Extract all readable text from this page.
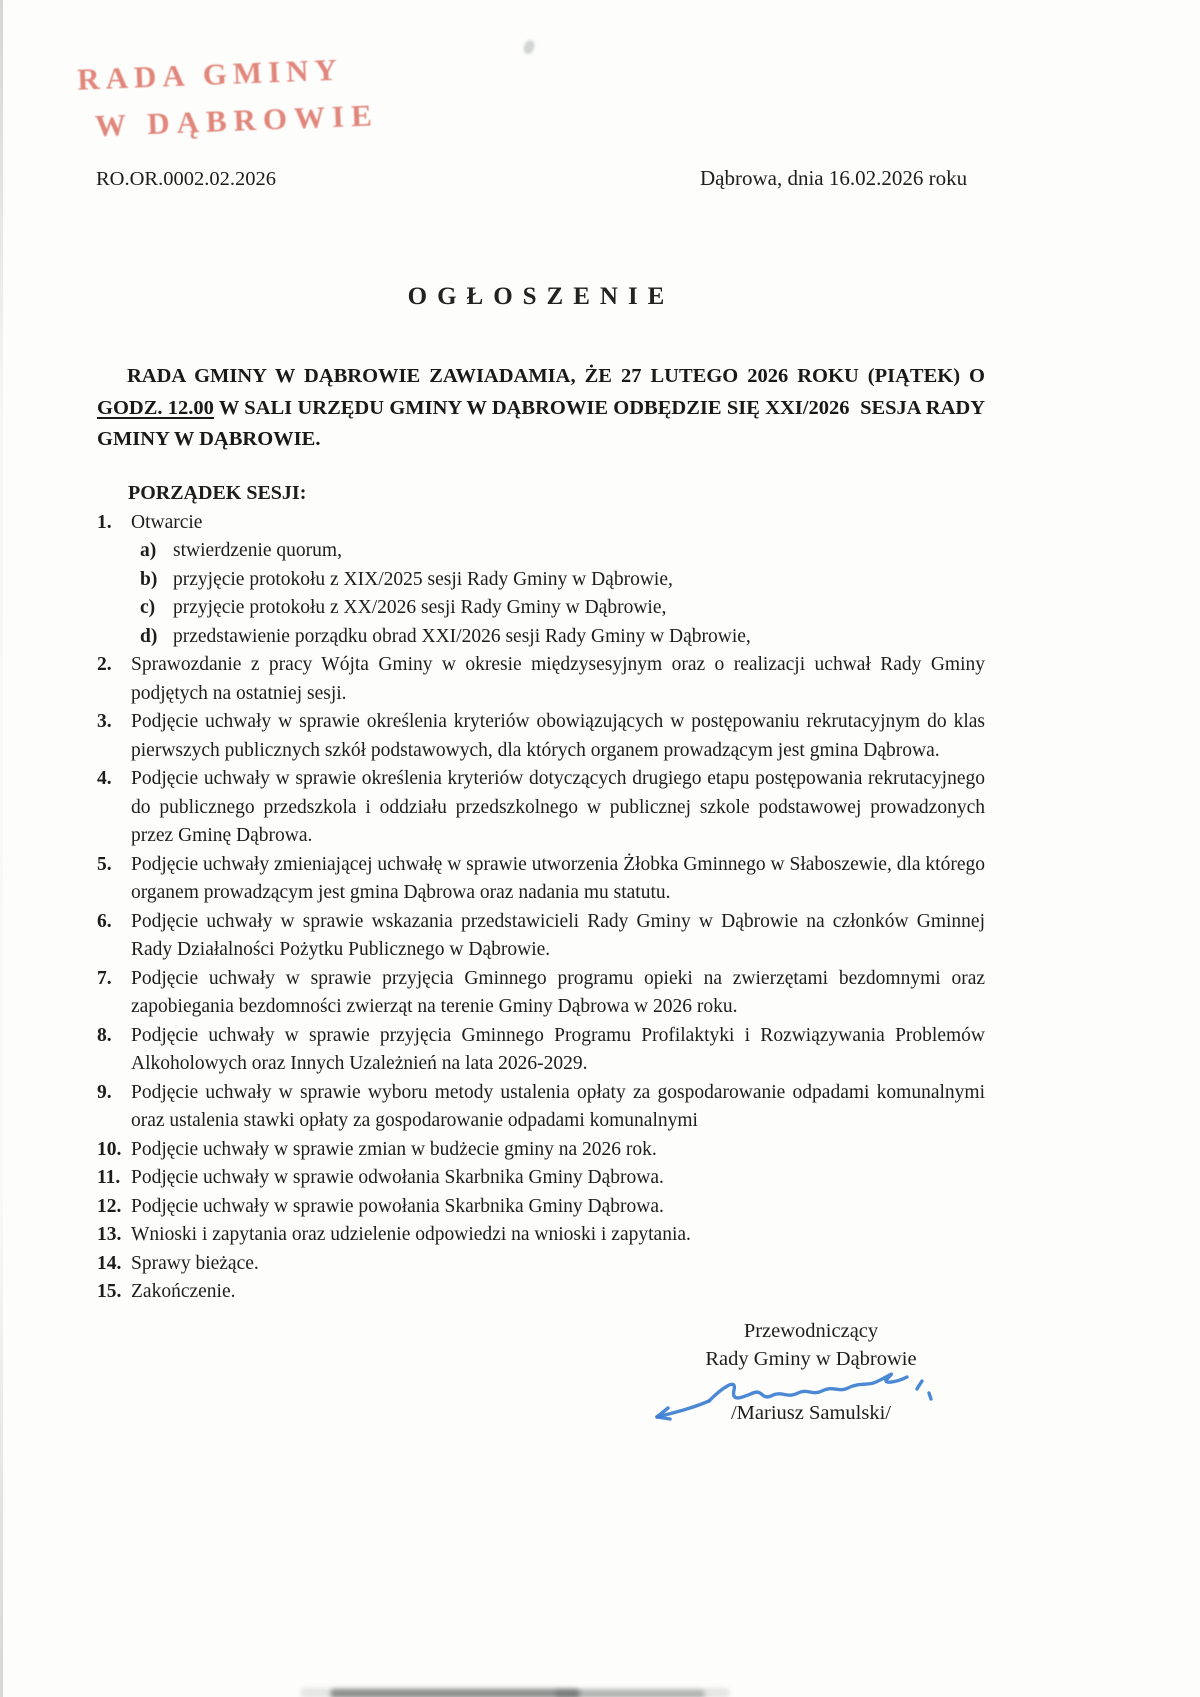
RADA GMINY
W DĄBROWIE
RO.OR.0002.02.2026	Dąbrowa, dnia 16.02.2026 roku
OGŁOSZENIE

RADA GMINY W DĄBROWIE ZAWIADAMIA, ŻE 27 LUTEGO 2026 ROKU (PIĄTEK) O GODZ. 12.00 W SALI URZĘDU GMINY W DĄBROWIE ODBĘDZIE SIĘ XXI/2026  SESJA RADY GMINY W DĄBROWIE.

PORZĄDEK SESJI:
1. Otwarcie
a) stwierdzenie quorum,
b) przyjęcie protokołu z XIX/2025 sesji Rady Gminy w Dąbrowie,
c) przyjęcie protokołu z XX/2026 sesji Rady Gminy w Dąbrowie,
d) przedstawienie porządku obrad XXI/2026 sesji Rady Gminy w Dąbrowie,
2. Sprawozdanie z pracy Wójta Gminy w okresie międzysesyjnym oraz o realizacji uchwał Rady Gminy podjętych na ostatniej sesji.
3. Podjęcie uchwały w sprawie określenia kryteriów obowiązujących w postępowaniu rekrutacyjnym do klas pierwszych publicznych szkół podstawowych, dla których organem prowadzącym jest gmina Dąbrowa.
4. Podjęcie uchwały w sprawie określenia kryteriów dotyczących drugiego etapu postępowania rekrutacyjnego do publicznego przedszkola i oddziału przedszkolnego w publicznej szkole podstawowej prowadzonych przez Gminę Dąbrowa.
5. Podjęcie uchwały zmieniającej uchwałę w sprawie utworzenia Żłobka Gminnego w Słaboszewie, dla którego organem prowadzącym jest gmina Dąbrowa oraz nadania mu statutu.
6. Podjęcie uchwały w sprawie wskazania przedstawicieli Rady Gminy w Dąbrowie na członków Gminnej Rady Działalności Pożytku Publicznego w Dąbrowie.
7. Podjęcie uchwały w sprawie przyjęcia Gminnego programu opieki na zwierzętami bezdomnymi oraz zapobiegania bezdomności zwierząt na terenie Gminy Dąbrowa w 2026 roku.
8. Podjęcie uchwały w sprawie przyjęcia Gminnego Programu Profilaktyki i Rozwiązywania Problemów Alkoholowych oraz Innych Uzależnień na lata 2026-2029.
9. Podjęcie uchwały w sprawie wyboru metody ustalenia opłaty za gospodarowanie odpadami komunalnymi oraz ustalenia stawki opłaty za gospodarowanie odpadami komunalnymi
10. Podjęcie uchwały w sprawie zmian w budżecie gminy na 2026 rok.
11. Podjęcie uchwały w sprawie odwołania Skarbnika Gminy Dąbrowa.
12. Podjęcie uchwały w sprawie powołania Skarbnika Gminy Dąbrowa.
13. Wnioski i zapytania oraz udzielenie odpowiedzi na wnioski i zapytania.
14. Sprawy bieżące.
15. Zakończenie.
Przewodniczący
Rady Gminy w Dąbrowie
/Mariusz Samulski/
